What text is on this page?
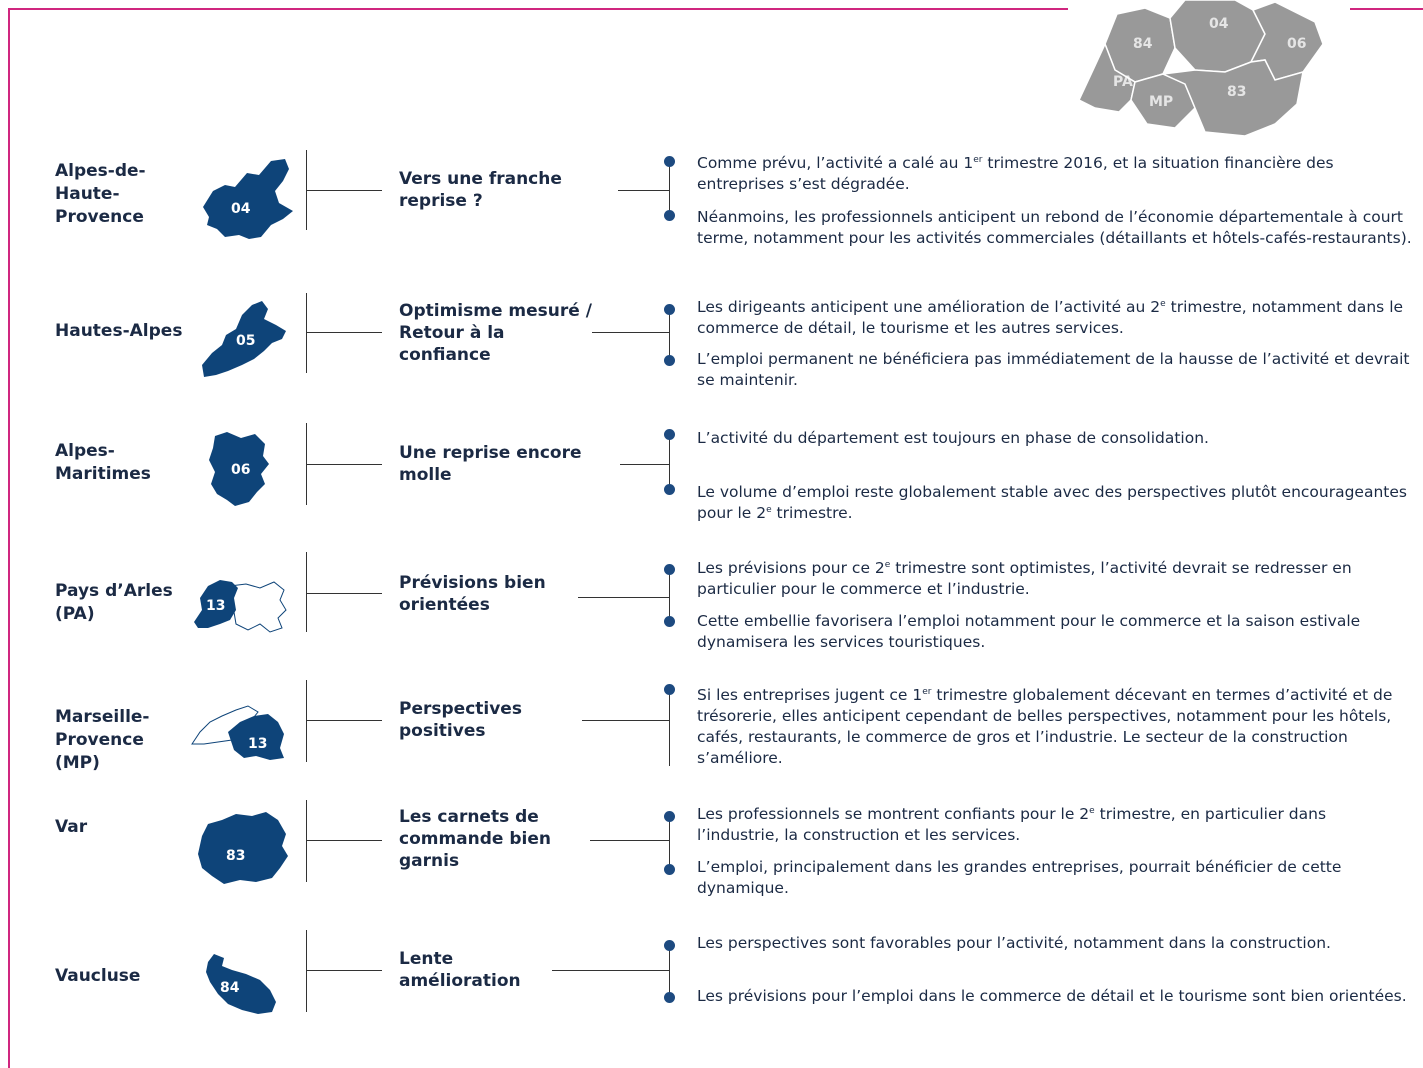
84
04
06
PA
MP
83
Alpes-de-Haute-Provence	04
Vers une franche reprise ?
Comme prévu, l’activité a calé au 1er trimestre 2016, et la situation financière des entreprises s’est dégradée.
Néanmoins, les professionnels anticipent un rebond de l’économie départementale à court terme, notamment pour les activités commerciales (détaillants et hôtels-cafés-restaurants).
Hautes-Alpes	05
Optimisme mesuré / Retour à la confiance
Les dirigeants anticipent une amélioration de l’activité au 2e trimestre, notamment dans le commerce de détail, le tourisme et les autres services.
L’emploi permanent ne bénéficiera pas immédiatement de la hausse de l’activité et devrait se maintenir.
Alpes-Maritimes	06
Une reprise encore molle
L’activité du département est toujours en phase de consolidation.
Le volume d’emploi reste globalement stable avec des perspectives plutôt encourageantes pour le 2e trimestre.
Pays d’Arles (PA)	13
Prévisions bien orientées
Les prévisions pour ce 2e trimestre sont optimistes, l’activité devrait se redresser en particulier pour le commerce et l’industrie.
Cette embellie favorisera l’emploi notamment pour le commerce et la saison estivale dynamisera les services touristiques.
Marseille-Provence (MP)
13
Perspectives positives
Si les entreprises jugent ce 1er trimestre globalement décevant en termes d’activité et de trésorerie, elles anticipent cependant de belles perspectives, notamment pour les hôtels, cafés, restaurants, le commerce de gros et l’industrie. Le secteur de la construction s’améliore.
Var
83
Les carnets de commande bien garnis
Les professionnels se montrent confiants pour le 2e trimestre, en particulier dans l’industrie, la construction et les services.
L’emploi, principalement dans les grandes entreprises, pourrait bénéficier de cette dynamique.
Vaucluse
84
Lente amélioration
Les perspectives sont favorables pour l’activité, notamment dans la construction.
Les prévisions pour l’emploi dans le commerce de détail et le tourisme sont bien orientées.
